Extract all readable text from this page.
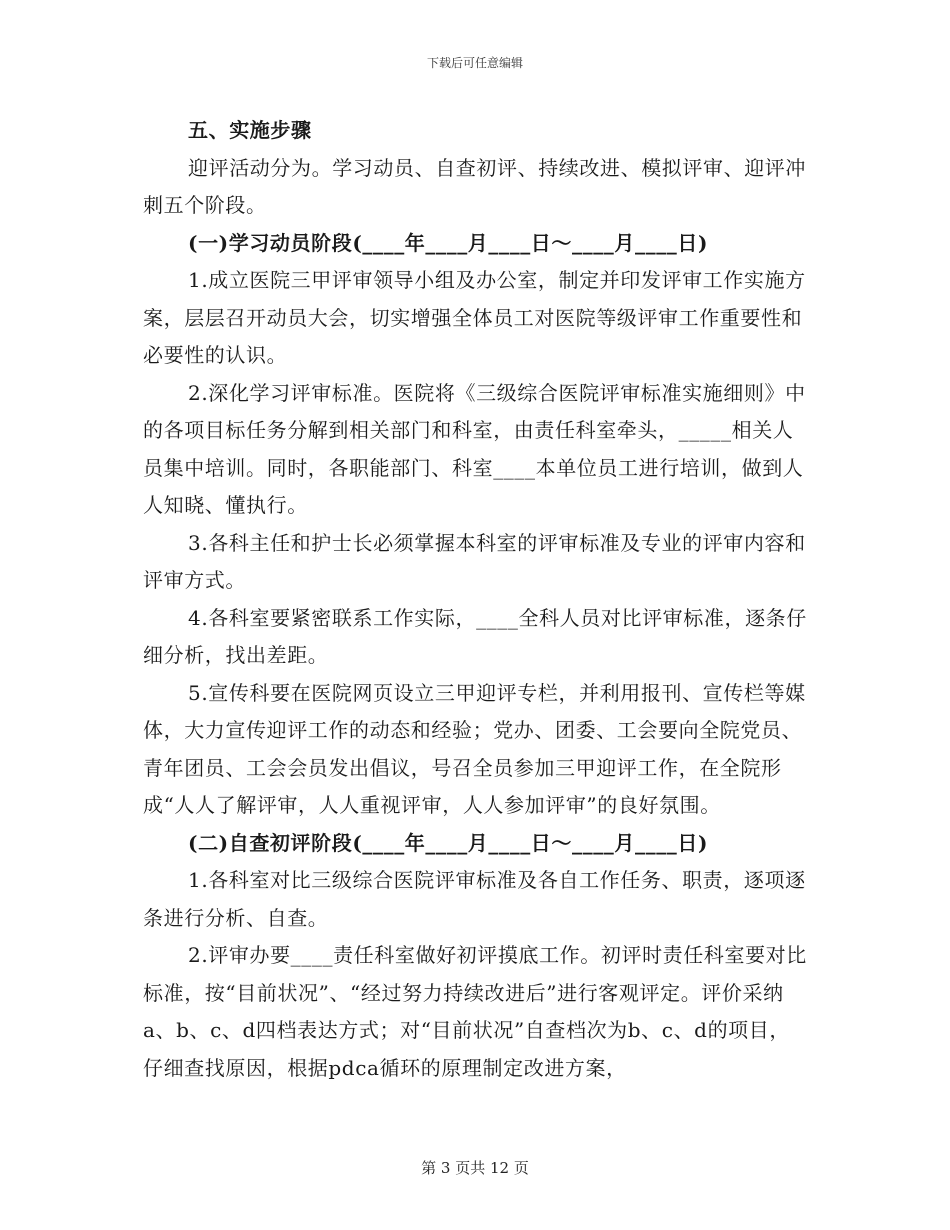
下载后可任意编辑

五、实施步骤

迎评活动分为。学习动员、自查初评、持续改进、模拟评审、迎评冲刺五个阶段。

(一)学习动员阶段(____年____月____日～____月____日)

1.成立医院三甲评审领导小组及办公室，制定并印发评审工作实施方案，层层召开动员大会，切实增强全体员工对医院等级评审工作重要性和必要性的认识。

2.深化学习评审标准。医院将《三级综合医院评审标准实施细则》中的各项目标任务分解到相关部门和科室，由责任科室牵头，_____相关人员集中培训。同时，各职能部门、科室____本单位员工进行培训，做到人人知晓、懂执行。

3.各科主任和护士长必须掌握本科室的评审标准及专业的评审内容和评审方式。

4.各科室要紧密联系工作实际，____全科人员对比评审标准，逐条仔细分析，找出差距。

5.宣传科要在医院网页设立三甲迎评专栏，并利用报刊、宣传栏等媒体，大力宣传迎评工作的动态和经验；党办、团委、工会要向全院党员、青年团员、工会会员发出倡议，号召全员参加三甲迎评工作，在全院形成“人人了解评审，人人重视评审，人人参加评审”的良好氛围。

(二)自查初评阶段(____年____月____日～____月____日)

1.各科室对比三级综合医院评审标准及各自工作任务、职责，逐项逐条进行分析、自查。

2.评审办要____责任科室做好初评摸底工作。初评时责任科室要对比标准，按“目前状况”、“经过努力持续改进后”进行客观评定。评价采纳a、b、c、d四档表达方式；对“目前状况”自查档次为b、c、d的项目，仔细查找原因，根据pdca循环的原理制定改进方案，

第 3 页共 12 页
